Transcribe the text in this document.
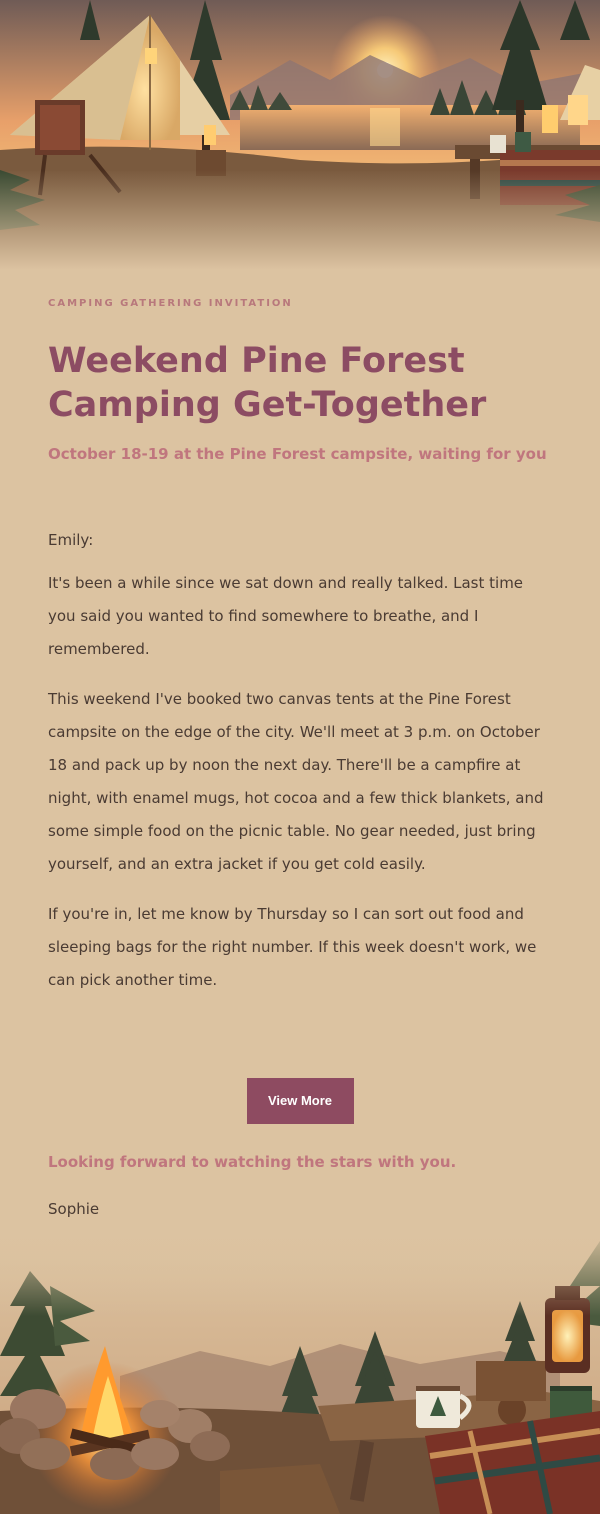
CAMPING GATHERING INVITATION

Weekend Pine Forest Camping Get-Together

October 18-19 at the Pine Forest campsite, waiting for you

Emily:

It's been a while since we sat down and really talked. Last time you said you wanted to find somewhere to breathe, and I remembered.

This weekend I've booked two canvas tents at the Pine Forest campsite on the edge of the city. We'll meet at 3 p.m. on October 18 and pack up by noon the next day. There'll be a campfire at night, with enamel mugs, hot cocoa and a few thick blankets, and some simple food on the picnic table. No gear needed, just bring yourself, and an extra jacket if you get cold easily.

If you're in, let me know by Thursday so I can sort out food and sleeping bags for the right number. If this week doesn't work, we can pick another time.

View More

Looking forward to watching the stars with you.

Sophie
